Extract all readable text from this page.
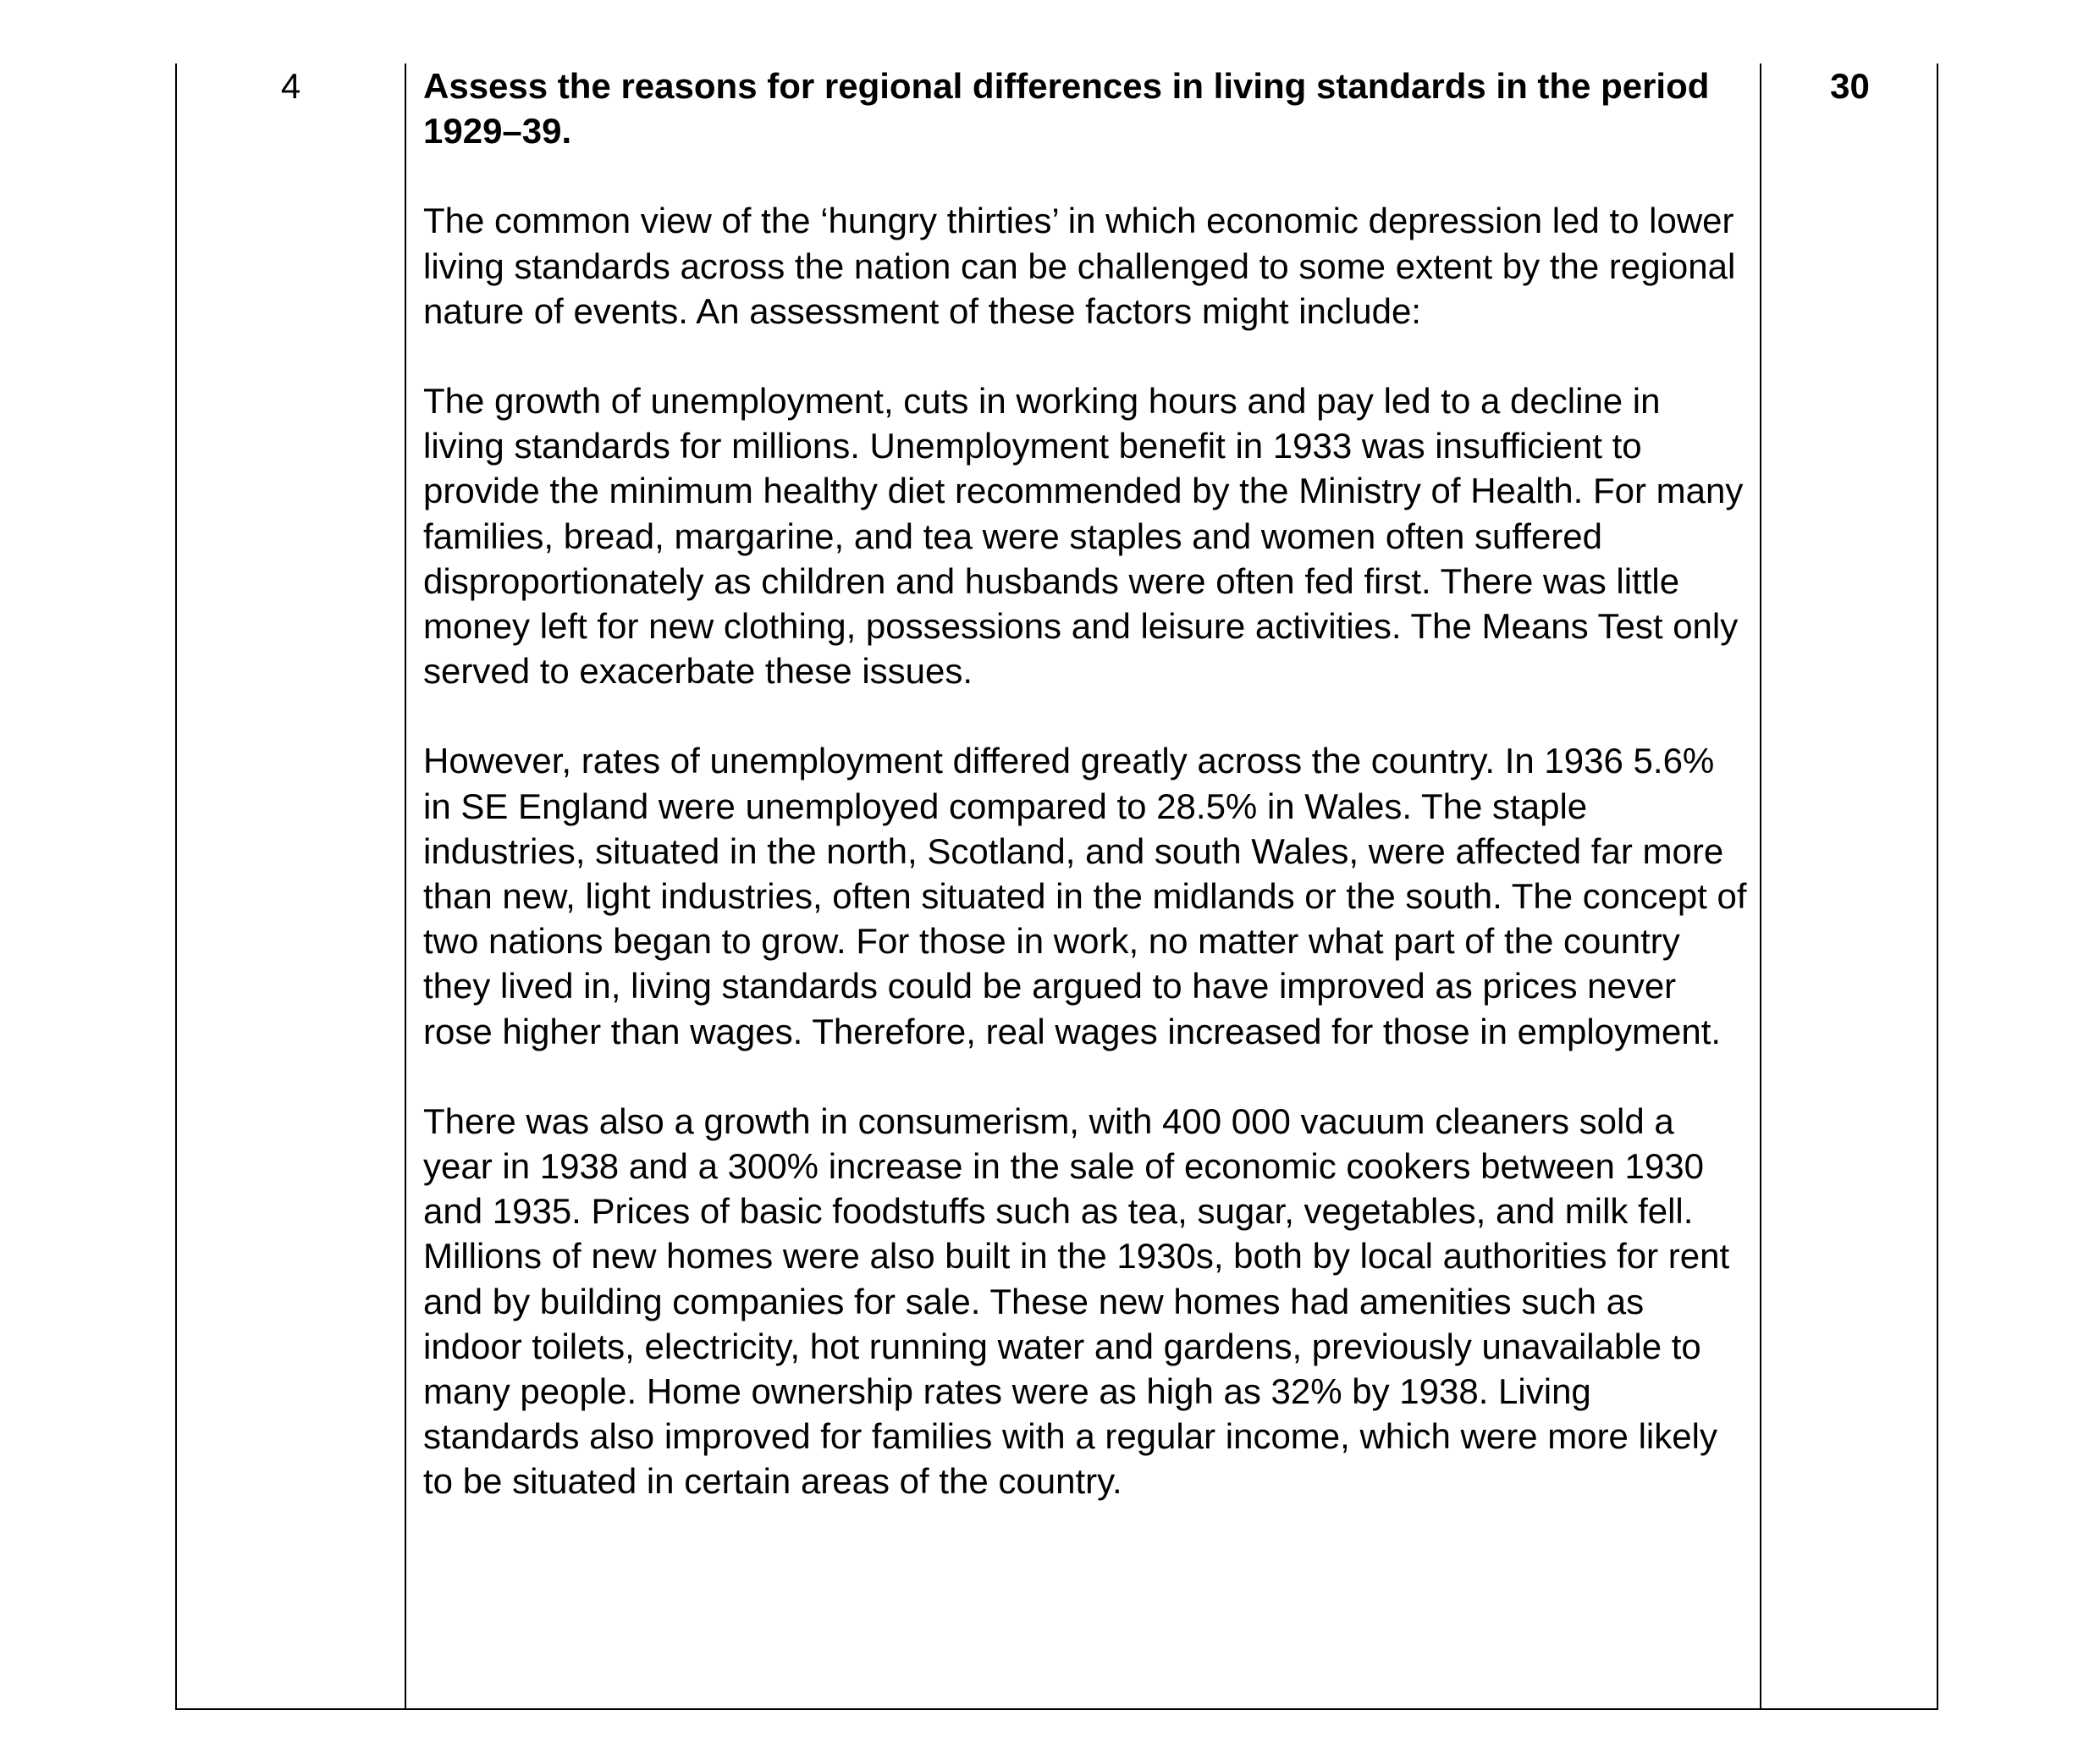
4	Assess the reasons for regional differences in living standards in the period 1929–39.
The common view of the ‘hungry thirties’ in which economic depression led to lower living standards across the nation can be challenged to some extent by the regional nature of events. An assessment of these factors might include:
The growth of unemployment, cuts in working hours and pay led to a decline in living standards for millions. Unemployment benefit in 1933 was insufficient to provide the minimum healthy diet recommended by the Ministry of Health. For many families, bread, margarine, and tea were staples and women often suffered disproportionately as children and husbands were often fed first. There was little money left for new clothing, possessions and leisure activities. The Means Test only served to exacerbate these issues.
However, rates of unemployment differed greatly across the country. In 1936 5.6% in SE England were unemployed compared to 28.5% in Wales. The staple industries, situated in the north, Scotland, and south Wales, were affected far more than new, light industries, often situated in the midlands or the south. The concept of two nations began to grow. For those in work, no matter what part of the country they lived in, living standards could be argued to have improved as prices never rose higher than wages. Therefore, real wages increased for those in employment.
There was also a growth in consumerism, with 400 000 vacuum cleaners sold a year in 1938 and a 300% increase in the sale of economic cookers between 1930 and 1935. Prices of basic foodstuffs such as tea, sugar, vegetables, and milk fell. Millions of new homes were also built in the 1930s, both by local authorities for rent and by building companies for sale. These new homes had amenities such as indoor toilets, electricity, hot running water and gardens, previously unavailable to many people. Home ownership rates were as high as 32% by 1938. Living standards also improved for families with a regular income, which were more likely to be situated in certain areas of the country.
30
